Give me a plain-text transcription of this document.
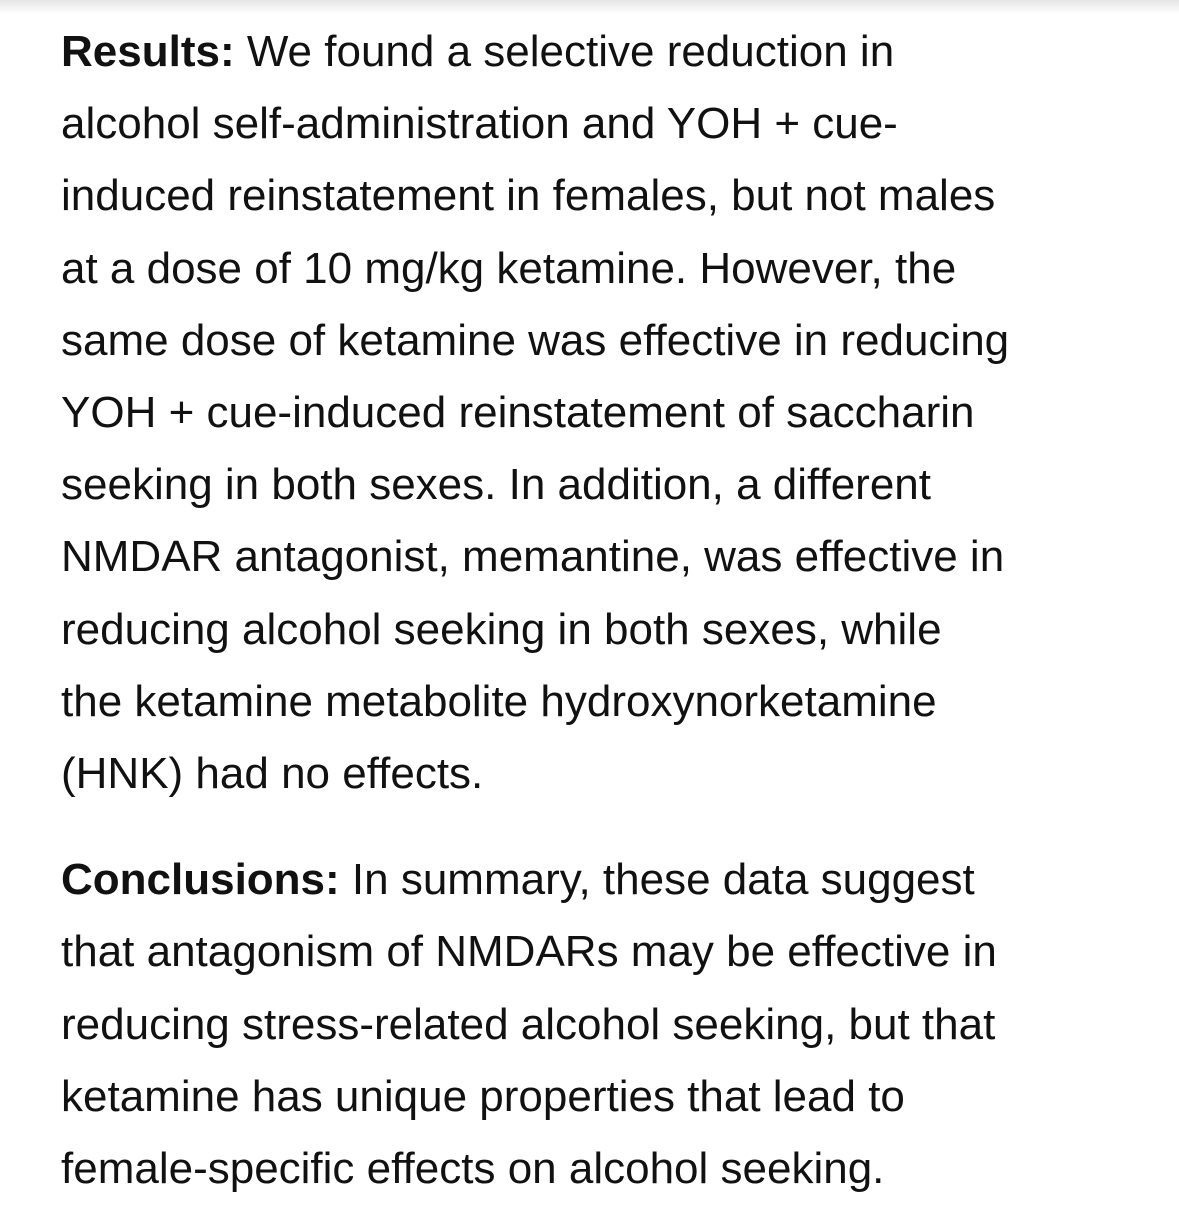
Results: We found a selective reduction in
alcohol self-administration and YOH + cue-
induced reinstatement in females, but not males
at a dose of 10 mg/kg ketamine. However, the
same dose of ketamine was effective in reducing
YOH + cue-induced reinstatement of saccharin
seeking in both sexes. In addition, a different
NMDAR antagonist, memantine, was effective in
reducing alcohol seeking in both sexes, while
the ketamine metabolite hydroxynorketamine
(HNK) had no effects.

Conclusions: In summary, these data suggest
that antagonism of NMDARs may be effective in
reducing stress-related alcohol seeking, but that
ketamine has unique properties that lead to
female-specific effects on alcohol seeking.
